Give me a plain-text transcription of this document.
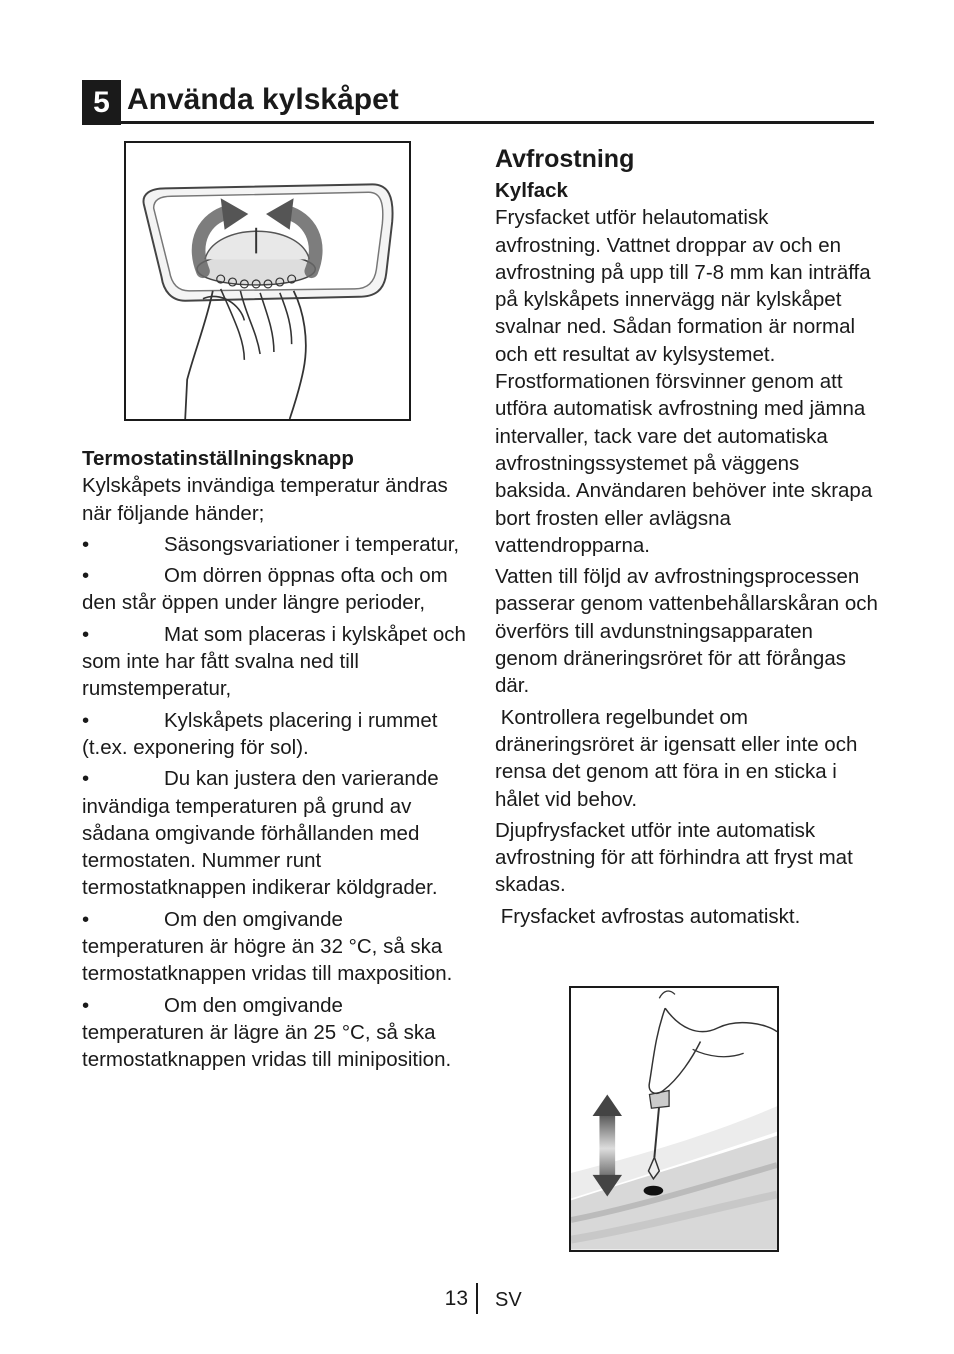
5 Använda kylskåpet

Termostatinställningsknapp

Kylskåpets invändiga temperatur ändras när följande händer;

•	Säsongsvariationer i temperatur,
•	Om dörren öppnas ofta och om den står öppen under längre perioder,
•	Mat som placeras i kylskåpet och som inte har fått svalna ned till rumstemperatur,
•	Kylskåpets placering i rummet (t.ex. exponering för sol).
•	Du kan justera den varierande invändiga temperaturen på grund av sådana omgivande förhållanden med termostaten. Nummer runt termostatknappen indikerar köldgrader.
•	Om den omgivande temperaturen är högre än 32 °C, så ska termostatknappen vridas till maxposition.
•	Om den omgivande temperaturen är lägre än 25 °C, så ska termostatknappen vridas till miniposition.

Avfrostning

Kylfack

Frysfacket utför helautomatisk avfrostning. Vattnet droppar av och en avfrostning på upp till 7-8 mm kan inträffa på kylskåpets innervägg när kylskåpet svalnar ned. Sådan formation är normal och ett resultat av kylsystemet. Frostformationen försvinner genom att utföra automatisk avfrostning med jämna intervaller, tack vare det automatiska avfrostningssystemet på väggens baksida. Användaren behöver inte skrapa bort frosten eller avlägsna vattendropparna.

Vatten till följd av avfrostningsprocessen passerar genom vattenbehållarskåran och överförs till avdunstningsapparaten genom dräneringsröret för att förångas där.

Kontrollera regelbundet om dräneringsröret är igensatt eller inte och rensa det genom att föra in en sticka i hålet vid behov.

Djupfrysfacket utför inte automatisk avfrostning för att förhindra att fryst mat skadas.

Frysfacket avfrostas automatiskt.

13 SV
